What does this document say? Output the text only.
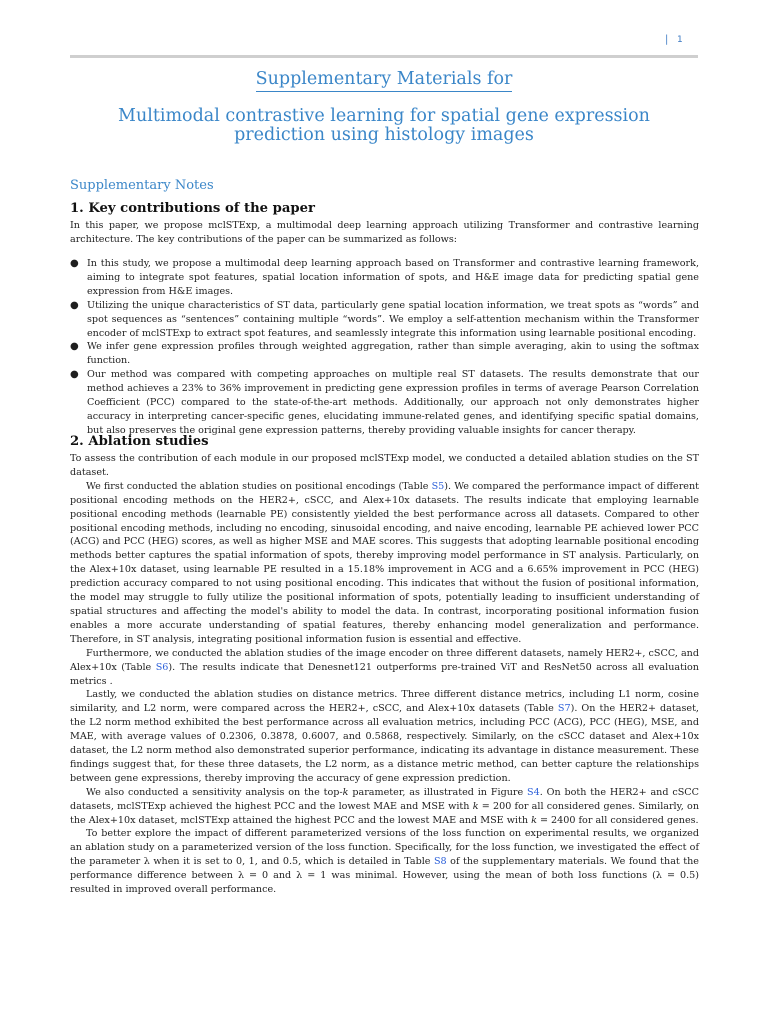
| 1
Supplementary Materials for
Multimodal contrastive learning for spatial gene expression prediction using histology images
Supplementary Notes
1. Key contributions of the paper
In this paper, we propose mclSTExp, a multimodal deep learning approach utilizing Transformer and contrastive learning architecture. The key contributions of the paper can be summarized as follows:
● In this study, we propose a multimodal deep learning approach based on Transformer and contrastive learning framework, aiming to integrate spot features, spatial location information of spots, and H&E image data for predicting spatial gene expression from H&E images.
● Utilizing the unique characteristics of ST data, particularly gene spatial location information, we treat spots as “words” and spot sequences as “sentences” containing multiple “words”. We employ a self-attention mechanism within the Transformer encoder of mclSTExp to extract spot features, and seamlessly integrate this information using learnable positional encoding.
● We infer gene expression profiles through weighted aggregation, rather than simple averaging, akin to using the softmax function.
● Our method was compared with competing approaches on multiple real ST datasets. The results demonstrate that our method achieves a 23% to 36% improvement in predicting gene expression profiles in terms of average Pearson Correlation Coefficient (PCC) compared to the state-of-the-art methods. Additionally, our approach not only demonstrates higher accuracy in interpreting cancer-specific genes, elucidating immune-related genes, and identifying specific spatial domains, but also preserves the original gene expression patterns, thereby providing valuable insights for cancer therapy.
2. Ablation studies
To assess the contribution of each module in our proposed mclSTExp model, we conducted a detailed ablation studies on the ST dataset.
We first conducted the ablation studies on positional encodings (Table S5). We compared the performance impact of different positional encoding methods on the HER2+, cSCC, and Alex+10x datasets. The results indicate that employing learnable positional encoding methods (learnable PE) consistently yielded the best performance across all datasets. Compared to other positional encoding methods, including no encoding, sinusoidal encoding, and naive encoding, learnable PE achieved lower PCC (ACG) and PCC (HEG) scores, as well as higher MSE and MAE scores. This suggests that adopting learnable positional encoding methods better captures the spatial information of spots, thereby improving model performance in ST analysis. Particularly, on the Alex+10x dataset, using learnable PE resulted in a 15.18% improvement in ACG and a 6.65% improvement in PCC (HEG) prediction accuracy compared to not using positional encoding. This indicates that without the fusion of positional information, the model may struggle to fully utilize the positional information of spots, potentially leading to insufficient understanding of spatial structures and affecting the model's ability to model the data. In contrast, incorporating positional information fusion enables a more accurate understanding of spatial features, thereby enhancing model generalization and performance. Therefore, in ST analysis, integrating positional information fusion is essential and effective.
Furthermore, we conducted the ablation studies of the image encoder on three different datasets, namely HER2+, cSCC, and Alex+10x (Table S6). The results indicate that Denesnet121 outperforms pre-trained ViT and ResNet50 across all evaluation metrics .
Lastly, we conducted the ablation studies on distance metrics. Three different distance metrics, including L1 norm, cosine similarity, and L2 norm, were compared across the HER2+, cSCC, and Alex+10x datasets (Table S7). On the HER2+ dataset, the L2 norm method exhibited the best performance across all evaluation metrics, including PCC (ACG), PCC (HEG), MSE, and MAE, with average values of 0.2306, 0.3878, 0.6007, and 0.5868, respectively. Similarly, on the cSCC dataset and Alex+10x dataset, the L2 norm method also demonstrated superior performance, indicating its advantage in distance measurement. These findings suggest that, for these three datasets, the L2 norm, as a distance metric method, can better capture the relationships between gene expressions, thereby improving the accuracy of gene expression prediction.
We also conducted a sensitivity analysis on the top-k parameter, as illustrated in Figure S4. On both the HER2+ and cSCC datasets, mclSTExp achieved the highest PCC and the lowest MAE and MSE with k = 200 for all considered genes. Similarly, on the Alex+10x dataset, mclSTExp attained the highest PCC and the lowest MAE and MSE with k = 2400 for all considered genes.
To better explore the impact of different parameterized versions of the loss function on experimental results, we organized an ablation study on a parameterized version of the loss function. Specifically, for the loss function, we investigated the effect of the parameter λ when it is set to 0, 1, and 0.5, which is detailed in Table S8 of the supplementary materials. We found that the performance difference between λ = 0 and λ = 1 was minimal. However, using the mean of both loss functions (λ = 0.5) resulted in improved overall performance.
